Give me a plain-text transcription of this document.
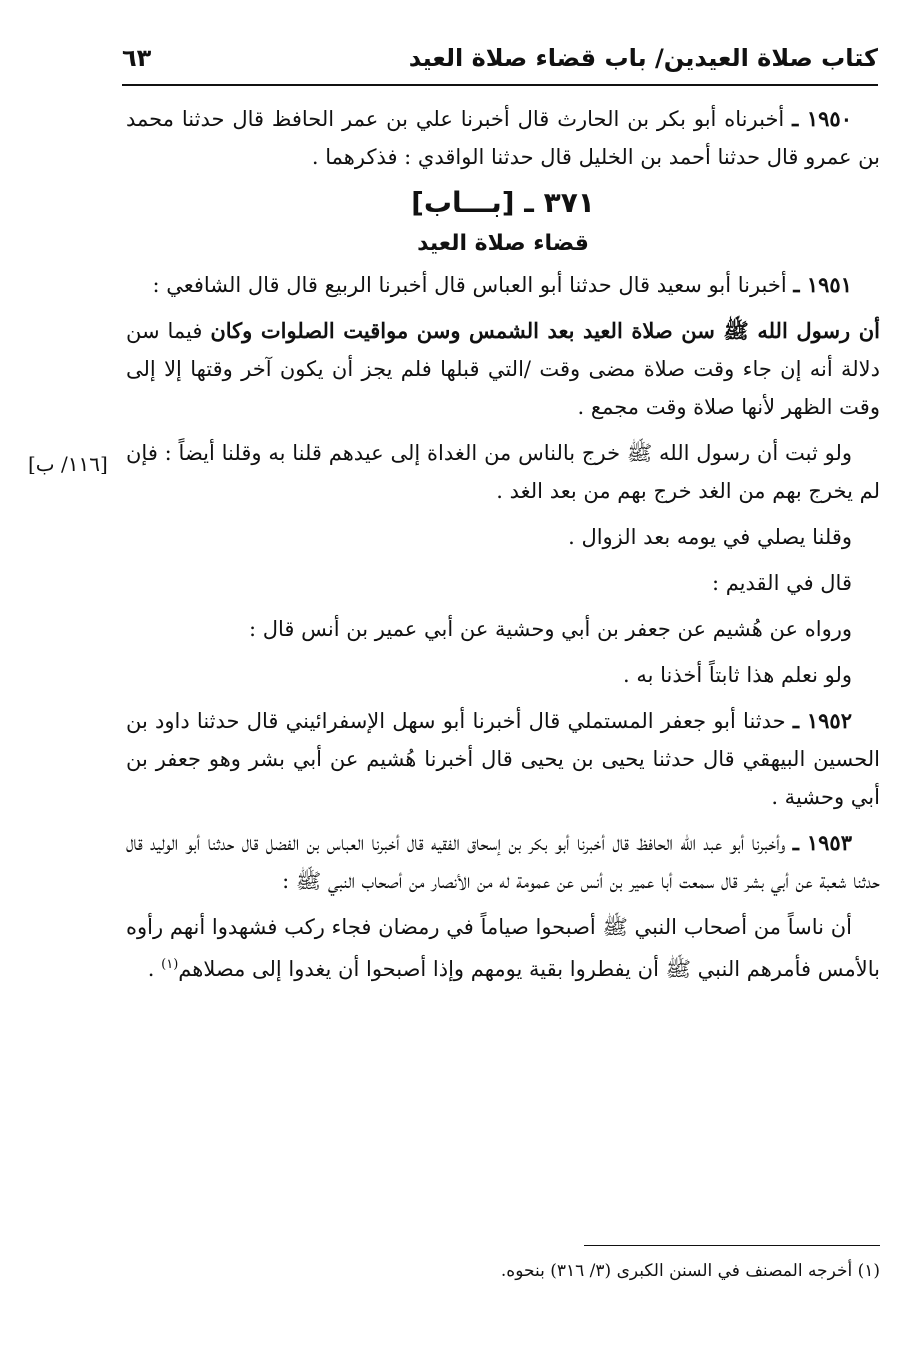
كتاب صلاة العيدين/ باب قضاء صلاة العيد
٦٣
[١١٦/ ب]

١٩٥٠ ـ أخبرناه أبو بكر بن الحارث قال أخبرنا علي بن عمر الحافظ قال حدثنا محمد بن عمرو قال حدثنا أحمد بن الخليل قال حدثنا الواقدي : فذكرهما .

٣٧١ ـ [بـــاب]
قضاء صلاة العيد

١٩٥١ ـ أخبرنا أبو سعيد قال حدثنا أبو العباس قال أخبرنا الربيع قال قال الشافعي :

أن رسول الله ﷺ سن صلاة العيد بعد الشمس وسن مواقيت الصلوات وكان فيما سن دلالة أنه إن جاء وقت صلاة مضى وقت /التي قبلها فلم يجز أن يكون آخر وقتها إلا إلى وقت الظهر لأنها صلاة وقت مجمع .

ولو ثبت أن رسول الله ﷺ خرج بالناس من الغداة إلى عيدهم قلنا به وقلنا أيضاً : فإن لم يخرج بهم من الغد خرج بهم من بعد الغد .

وقلنا يصلي في يومه بعد الزوال .

قال في القديم :

ورواه عن هُشيم عن جعفر بن أبي وحشية عن أبي عمير بن أنس قال :

ولو نعلم هذا ثابتاً أخذنا به .

١٩٥٢ ـ حدثنا أبو جعفر المستملي قال أخبرنا أبو سهل الإسفرائيني قال حدثنا داود بن الحسين البيهقي قال حدثنا يحيى بن يحيى قال أخبرنا هُشيم عن أبي بشر وهو جعفر بن أبي وحشية .

١٩٥٣ ـ وأخبرنا أبو عبد الله الحافظ قال أخبرنا أبو بكر بن إسحاق الفقيه قال أخبرنا العباس بن الفضل قال حدثنا أبو الوليد قال حدثنا شعبة عن أبي بشر قال سمعت أبا عمير بن أنس عن عمومة له من الأنصار من أصحاب النبي ﷺ :

أن ناساً من أصحاب النبي ﷺ أصبحوا صياماً في رمضان فجاء ركب فشهدوا أنهم رأوه بالأمس فأمرهم النبي ﷺ أن يفطروا بقية يومهم وإذا أصبحوا أن يغدوا إلى مصلاهم$^{(١)}$ .

(١) أخرجه المصنف في السنن الكبرى (٣/ ٣١٦) بنحوه.
